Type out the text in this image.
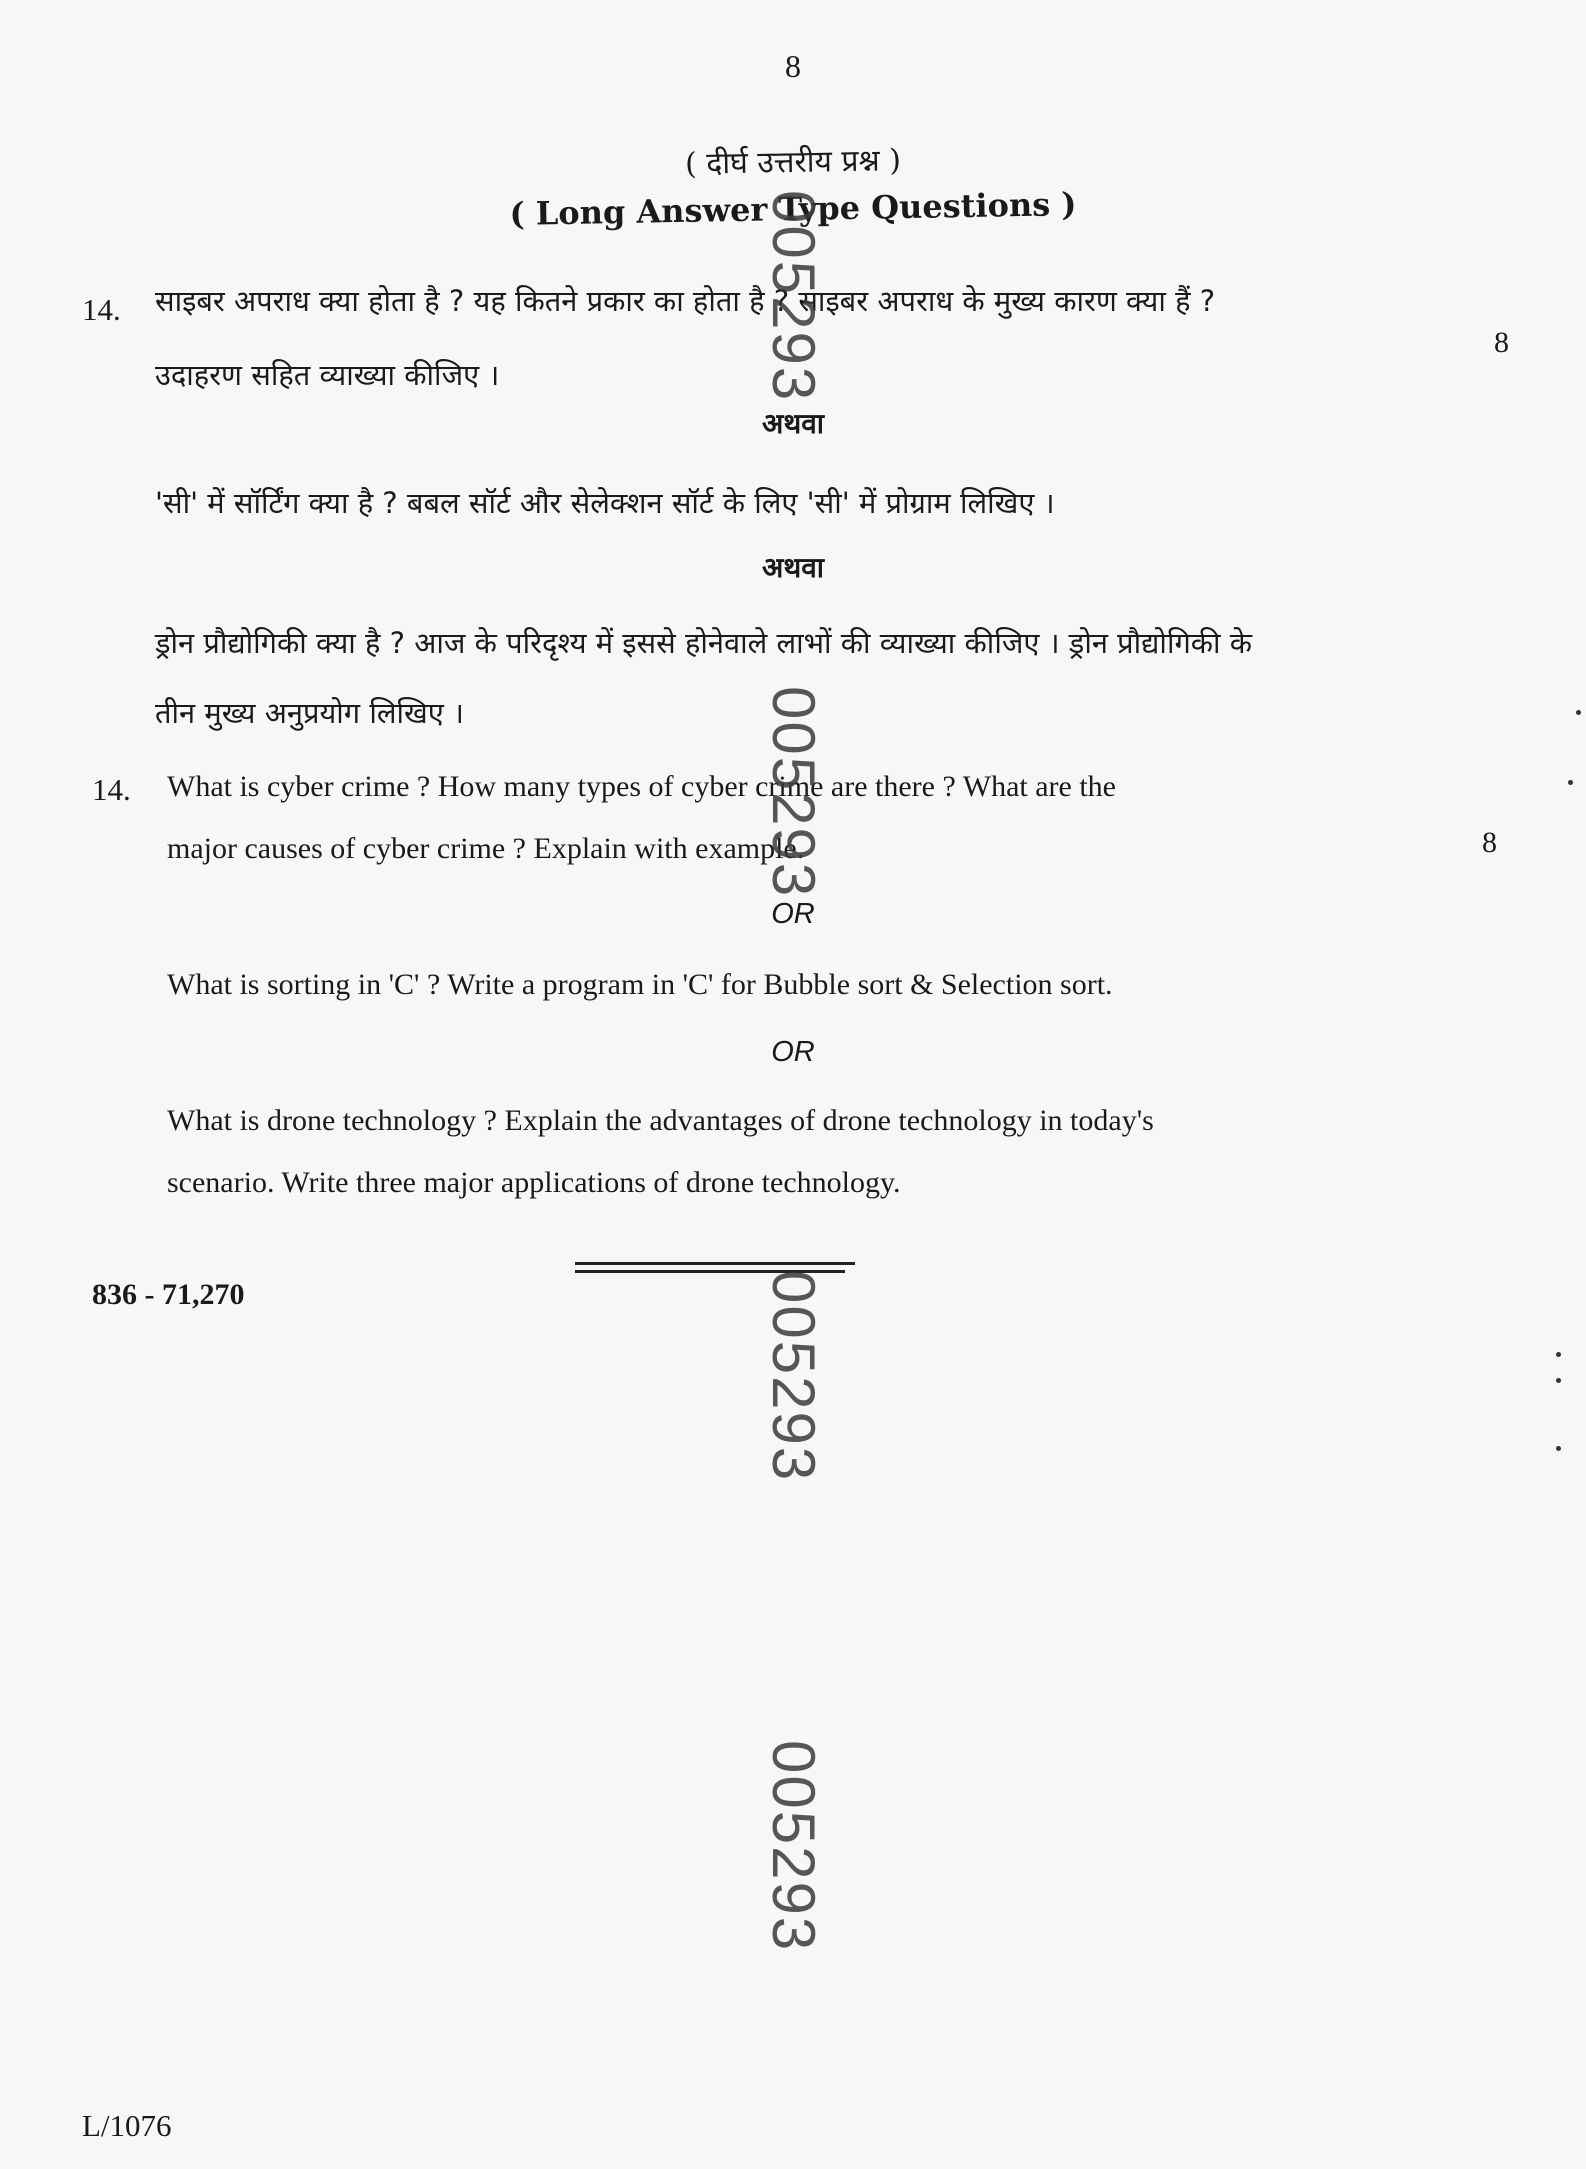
8
( दीर्घ उत्तरीय प्रश्न )
( Long Answer Type Questions )
14. साइबर अपराध क्या होता है ? यह कितने प्रकार का होता है ? साइबर अपराध के मुख्य कारण क्या हैं ?
8
उदाहरण सहित व्याख्या कीजिए ।
अथवा
'सी' में सॉर्टिंग क्या है ? बबल सॉर्ट और सेलेक्शन सॉर्ट के लिए 'सी' में प्रोग्राम लिखिए ।
अथवा
ड्रोन प्रौद्योगिकी क्या है ? आज के परिदृश्य में इससे होनेवाले लाभों की व्याख्या कीजिए । ड्रोन प्रौद्योगिकी के
तीन मुख्य अनुप्रयोग लिखिए ।
14. What is cyber crime ? How many types of cyber crime are there ? What are the
major causes of cyber crime ? Explain with example.	8
OR
What is sorting in 'C' ? Write a program in 'C' for Bubble sort & Selection sort.
OR
What is drone technology ? Explain the advantages of drone technology in today's
scenario. Write three major applications of drone technology.
836 - 71,270
L/1076
005293
005293
005293
005293
